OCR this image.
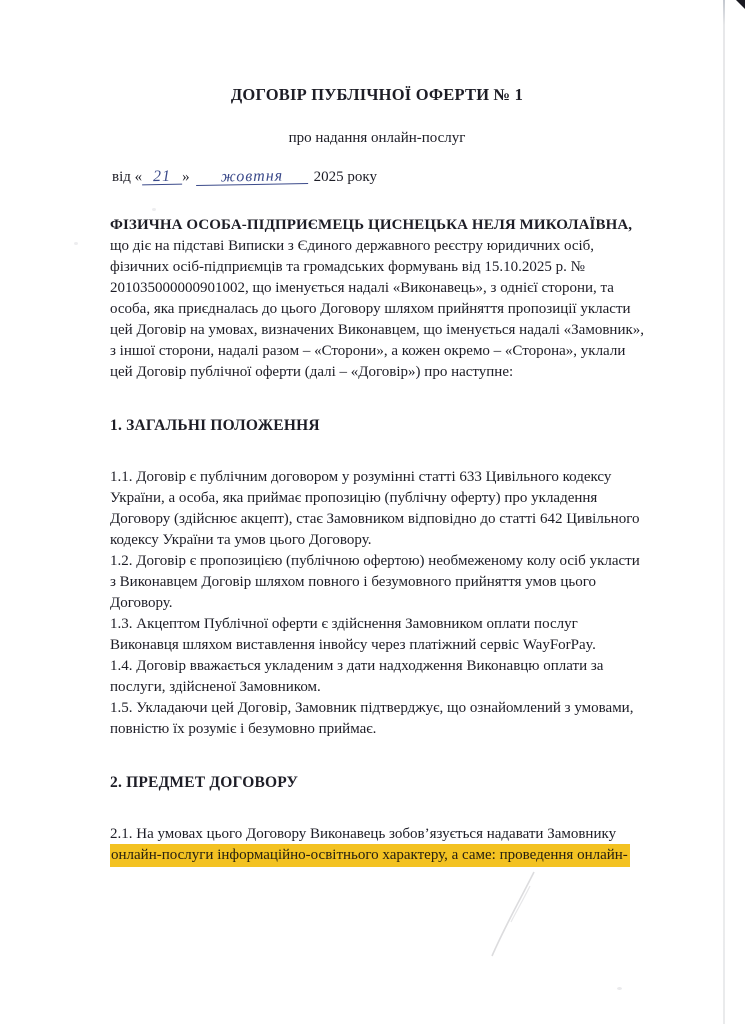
ДОГОВІР ПУБЛІЧНОЇ ОФЕРТИ № 1

про надання онлайн-послуг

від « 21 » жовтня 2025 року

ФІЗИЧНА ОСОБА-ПІДПРИЄМЕЦЬ ЦИСНЕЦЬКА НЕЛЯ МИКОЛАЇВНА, що діє на підставі Виписки з Єдиного державного реєстру юридичних осіб, фізичних осіб-підприємців та громадських формувань від 15.10.2025 р. № 201035000000901002, що іменується надалі «Виконавець», з однієї сторони, та особа, яка приєдналась до цього Договору шляхом прийняття пропозиції укласти цей Договір на умовах, визначених Виконавцем, що іменується надалі «Замовник», з іншої сторони, надалі разом – «Сторони», а кожен окремо – «Сторона», уклали цей Договір публічної оферти (далі – «Договір») про наступне:

1. ЗАГАЛЬНІ ПОЛОЖЕННЯ

1.1. Договір є публічним договором у розумінні статті 633 Цивільного кодексу України, а особа, яка приймає пропозицію (публічну оферту) про укладення Договору (здійснює акцепт), стає Замовником відповідно до статті 642 Цивільного кодексу України та умов цього Договору.

1.2. Договір є пропозицією (публічною офертою) необмеженому колу осіб укласти з Виконавцем Договір шляхом повного і безумовного прийняття умов цього Договору.

1.3. Акцептом Публічної оферти є здійснення Замовником оплати послуг Виконавця шляхом виставлення інвойсу через платіжний сервіс WayForPay.

1.4. Договір вважається укладеним з дати надходження Виконавцю оплати за послуги, здійсненої Замовником.

1.5. Укладаючи цей Договір, Замовник підтверджує, що ознайомлений з умовами, повністю їх розуміє і безумовно приймає.

2. ПРЕДМЕТ ДОГОВОРУ

2.1. На умовах цього Договору Виконавець зобов’язується надавати Замовнику онлайн-послуги інформаційно-освітнього характеру, а саме: проведення онлайн-
